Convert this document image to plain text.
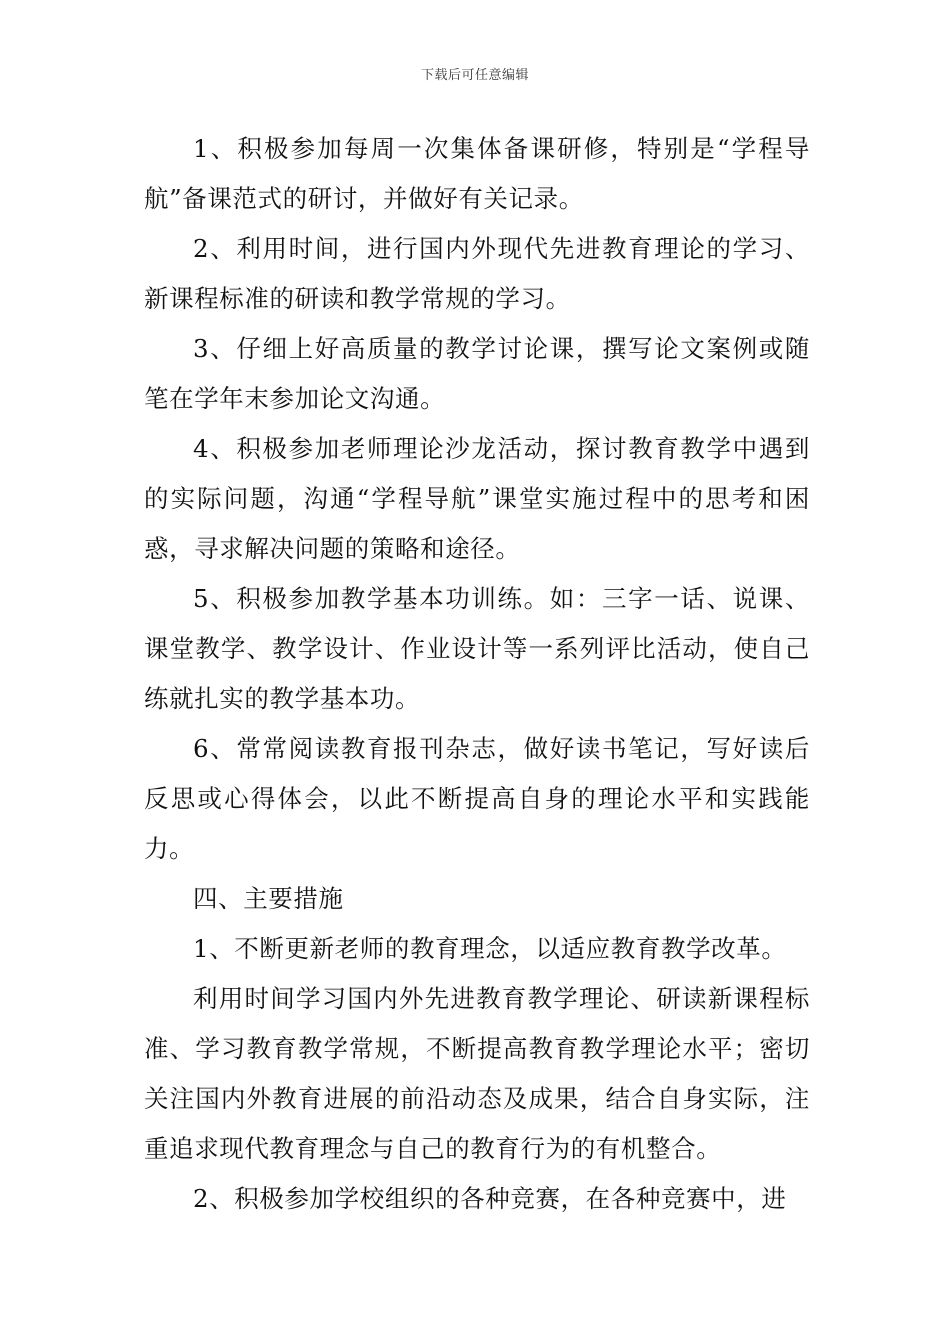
下载后可任意编辑

1、积极参加每周一次集体备课研修，特别是“学程导航”备课范式的研讨，并做好有关记录。

2、利用时间，进行国内外现代先进教育理论的学习、新课程标准的研读和教学常规的学习。

3、仔细上好高质量的教学讨论课，撰写论文案例或随笔在学年末参加论文沟通。

4、积极参加老师理论沙龙活动，探讨教育教学中遇到的实际问题，沟通“学程导航”课堂实施过程中的思考和困惑，寻求解决问题的策略和途径。

5、积极参加教学基本功训练。如：三字一话、说课、课堂教学、教学设计、作业设计等一系列评比活动，使自己练就扎实的教学基本功。

6、常常阅读教育报刊杂志，做好读书笔记，写好读后反思或心得体会，以此不断提高自身的理论水平和实践能力。

四、主要措施

1、不断更新老师的教育理念，以适应教育教学改革。

利用时间学习国内外先进教育教学理论、研读新课程标准、学习教育教学常规，不断提高教育教学理论水平；密切关注国内外教育进展的前沿动态及成果，结合自身实际，注重追求现代教育理念与自己的教育行为的有机整合。

2、积极参加学校组织的各种竞赛，在各种竞赛中，进
